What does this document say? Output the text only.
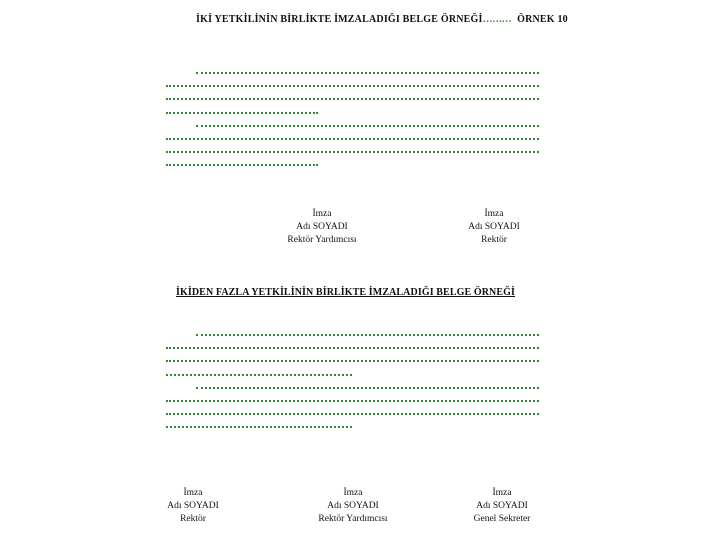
İKİ YETKİLİNİN BİRLİKTE İMZALADIĞI BELGE ÖRNEĞİ……… ÖRNEK 10
İmza
Adı SOYADI
Rektör Yardımcısı
İmza
Adı SOYADI
Rektör
İKİDEN FAZLA YETKİLİNİN BİRLİKTE İMZALADIĞI BELGE ÖRNEĞİ
İmza
Adı SOYADI
Rektör
İmza
Adı SOYADI
Rektör Yardımcısı
İmza
Adı SOYADI
Genel Sekreter
